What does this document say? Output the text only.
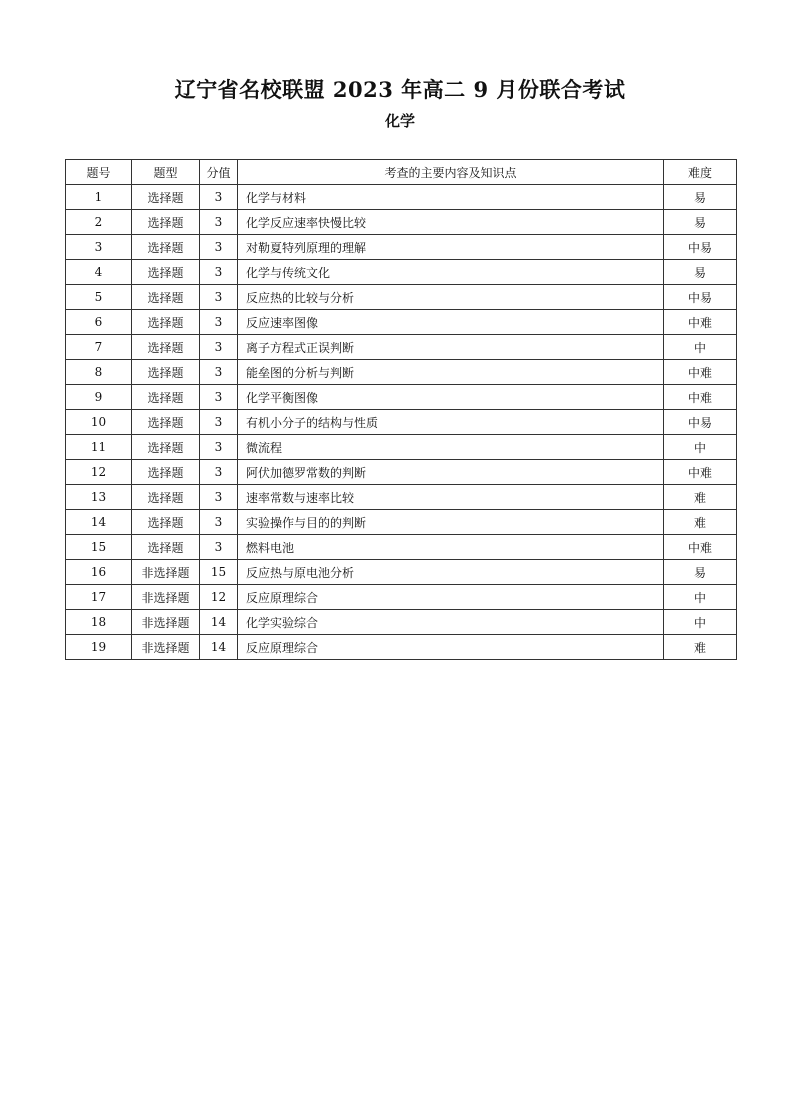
辽宁省名校联盟 2023 年高二 9 月份联合考试
化学
题号	题型	分值	考查的主要内容及知识点	难度
1	选择题	3	化学与材料	易
2	选择题	3	化学反应速率快慢比较	易
3	选择题	3	对勒夏特列原理的理解	中易
4	选择题	3	化学与传统文化	易
5	选择题	3	反应热的比较与分析	中易
6	选择题	3	反应速率图像	中难
7	选择题	3	离子方程式正误判断	中
8	选择题	3	能垒图的分析与判断	中难
9	选择题	3	化学平衡图像	中难
10	选择题	3	有机小分子的结构与性质	中易
11	选择题	3	微流程	中
12	选择题	3	阿伏加德罗常数的判断	中难
13	选择题	3	速率常数与速率比较	难
14	选择题	3	实验操作与目的的判断	难
15	选择题	3	燃料电池	中难
16	非选择题	15	反应热与原电池分析	易
17	非选择题	12	反应原理综合	中
18	非选择题	14	化学实验综合	中
19	非选择题	14	反应原理综合	难
